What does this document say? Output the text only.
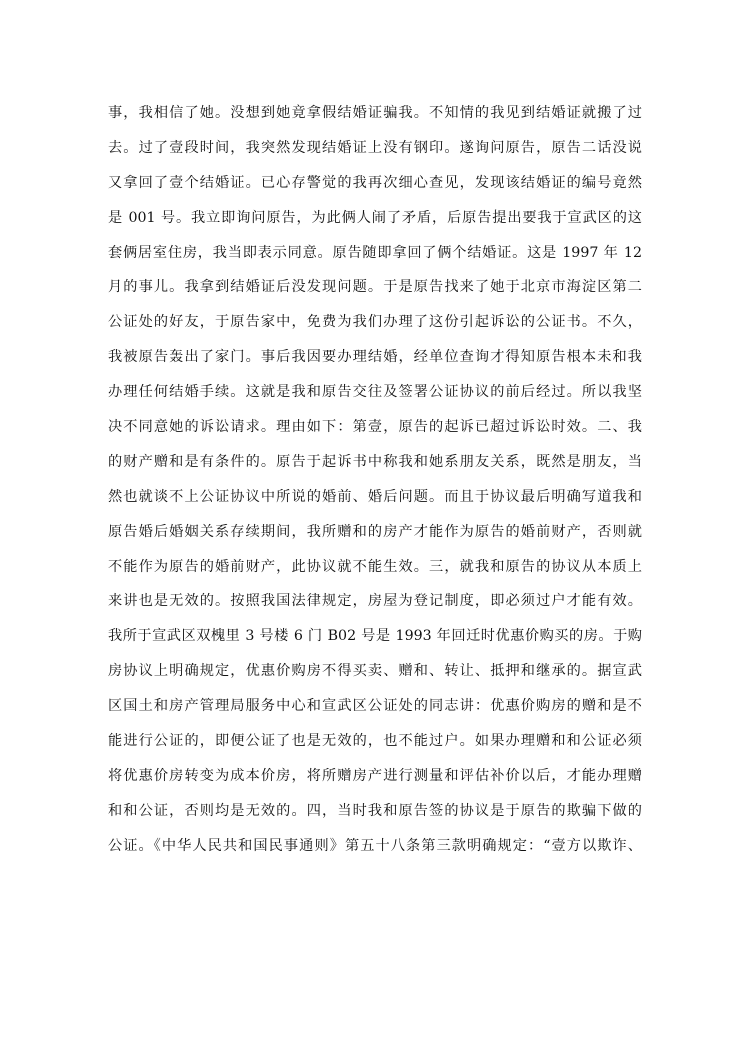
事，我相信了她。没想到她竟拿假结婚证骗我。不知情的我见到结婚证就搬了过
去。过了壹段时间，我突然发现结婚证上没有钢印。遂询问原告，原告二话没说
又拿回了壹个结婚证。已心存警觉的我再次细心查见，发现该结婚证的编号竟然
是 001 号。我立即询问原告，为此俩人闹了矛盾，后原告提出要我于宣武区的这
套俩居室住房，我当即表示同意。原告随即拿回了俩个结婚证。这是 1997 年 12
月的事儿。我拿到结婚证后没发现问题。于是原告找来了她于北京市海淀区第二
公证处的好友，于原告家中，免费为我们办理了这份引起诉讼的公证书。不久，
我被原告轰出了家门。事后我因要办理结婚，经单位查询才得知原告根本未和我
办理任何结婚手续。这就是我和原告交往及签署公证协议的前后经过。所以我坚
决不同意她的诉讼请求。理由如下：第壹，原告的起诉已超过诉讼时效。二、我
的财产赠和是有条件的。原告于起诉书中称我和她系朋友关系，既然是朋友，当
然也就谈不上公证协议中所说的婚前、婚后问题。而且于协议最后明确写道我和
原告婚后婚姻关系存续期间，我所赠和的房产才能作为原告的婚前财产，否则就
不能作为原告的婚前财产，此协议就不能生效。三，就我和原告的协议从本质上
来讲也是无效的。按照我国法律规定，房屋为登记制度，即必须过户才能有效。
我所于宣武区双槐里 3 号楼 6 门 B02 号是 1993 年回迁时优惠价购买的房。于购
房协议上明确规定，优惠价购房不得买卖、赠和、转让、抵押和继承的。据宣武
区国土和房产管理局服务中心和宣武区公证处的同志讲：优惠价购房的赠和是不
能进行公证的，即便公证了也是无效的，也不能过户。如果办理赠和和公证必须
将优惠价房转变为成本价房，将所赠房产进行测量和评估补价以后，才能办理赠
和和公证，否则均是无效的。四，当时我和原告签的协议是于原告的欺骗下做的
公证。《中华人民共和国民事通则》第五十八条第三款明确规定：“壹方以欺诈、
